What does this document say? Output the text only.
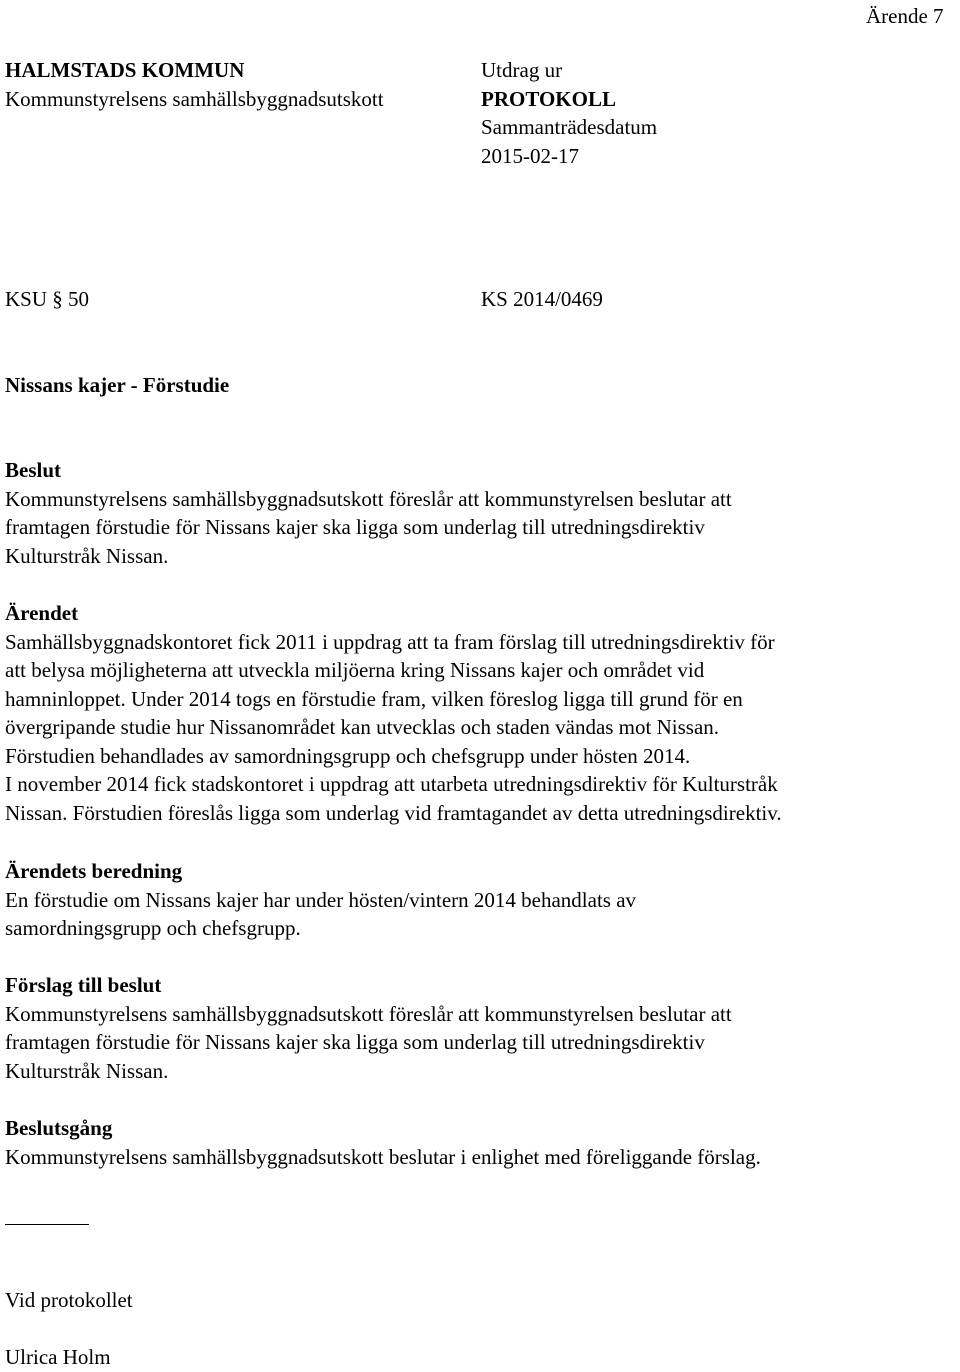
Ärende 7
HALMSTADS KOMMUN
Kommunstyrelsens samhällsbyggnadsutskott
Utdrag ur
PROTOKOLL
Sammanträdesdatum
2015-02-17
KSU § 50	KS 2014/0469
Nissans kajer - Förstudie
Beslut
Kommunstyrelsens samhällsbyggnadsutskott föreslår att kommunstyrelsen beslutar att
framtagen förstudie för Nissans kajer ska ligga som underlag till utredningsdirektiv
Kulturstråk Nissan.
Ärendet
Samhällsbyggnadskontoret fick 2011 i uppdrag att ta fram förslag till utredningsdirektiv för
att belysa möjligheterna att utveckla miljöerna kring Nissans kajer och området vid
hamninloppet. Under 2014 togs en förstudie fram, vilken föreslog ligga till grund för en
övergripande studie hur Nissanområdet kan utvecklas och staden vändas mot Nissan.
Förstudien behandlades av samordningsgrupp och chefsgrupp under hösten 2014.
I november 2014 fick stadskontoret i uppdrag att utarbeta utredningsdirektiv för Kulturstråk
Nissan. Förstudien föreslås ligga som underlag vid framtagandet av detta utredningsdirektiv.
Ärendets beredning
En förstudie om Nissans kajer har under hösten/vintern 2014 behandlats av
samordningsgrupp och chefsgrupp.
Förslag till beslut
Kommunstyrelsens samhällsbyggnadsutskott föreslår att kommunstyrelsen beslutar att
framtagen förstudie för Nissans kajer ska ligga som underlag till utredningsdirektiv
Kulturstråk Nissan.
Beslutsgång
Kommunstyrelsens samhällsbyggnadsutskott beslutar i enlighet med föreliggande förslag.
Vid protokollet
Ulrica Holm
